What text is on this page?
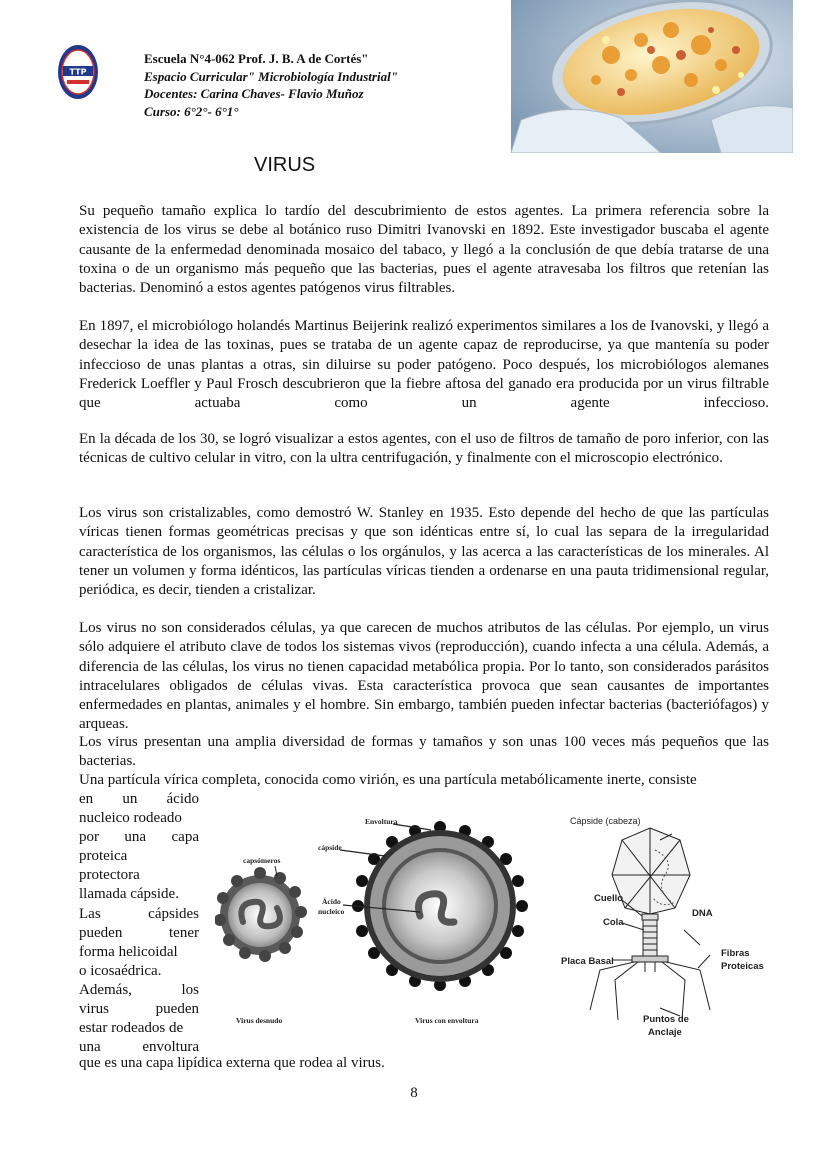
TTP
Escuela N°4-062 Prof. J. B. A de Cortés"
Espacio Curricular" Microbiología Industrial"
Docentes: Carina Chaves- Flavio Muñoz
Curso: 6°2°- 6°1°
VIRUS

Su pequeño tamaño explica lo tardío del descubrimiento de estos agentes. La primera referencia sobre la existencia de los virus se debe al botánico ruso Dimitri Ivanovski en 1892. Este investigador buscaba el agente causante de la enfermedad denominada mosaico del tabaco, y llegó a la conclusión de que debía tratarse de una toxina o de un organismo más pequeño que las bacterias, pues el agente atravesaba los filtros que retenían las bacterias. Denominó a estos agentes patógenos virus filtrables.

En 1897, el microbiólogo holandés Martinus Beijerink realizó experimentos similares a los de Ivanovski, y llegó a desechar la idea de las toxinas, pues se trataba de un agente capaz de reproducirse, ya que mantenía su poder infeccioso de unas plantas a otras, sin diluirse su poder patógeno. Poco después, los microbiólogos alemanes Frederick Loeffler y Paul Frosch descubrieron que la fiebre aftosa del ganado era producida por un virus filtrable que actuaba como un agente infeccioso.

En la década de los 30, se logró visualizar a estos agentes, con el uso de filtros de tamaño de poro inferior, con las técnicas de cultivo celular in vitro, con la ultra centrifugación, y finalmente con el microscopio electrónico.

Los virus son cristalizables, como demostró W. Stanley en 1935. Esto depende del hecho de que las partículas víricas tienen formas geométricas precisas y que son idénticas entre sí, lo cual las separa de la irregularidad característica de los organismos, las células o los orgánulos, y las acerca a las características de los minerales. Al tener un volumen y forma idénticos, las partículas víricas tienden a ordenarse en una pauta tridimensional regular, periódica, es decir, tienden a cristalizar.

Los virus no son considerados células, ya que carecen de muchos atributos de las células. Por ejemplo, un virus sólo adquiere el atributo clave de todos los sistemas vivos (reproducción), cuando infecta a una célula. Además, a diferencia de las células, los virus no tienen capacidad metabólica propia. Por lo tanto, son considerados parásitos intracelulares obligados de células vivas. Esta característica provoca que sean causantes de importantes enfermedades en plantas, animales y el hombre. Sin embargo, también pueden infectar bacterias (bacteriófagos) y arqueas.

Los virus presentan una amplia diversidad de formas y tamaños y son unas 100 veces más pequeños que las bacterias.

Una partícula vírica completa, conocida como virión, es una partícula metabólicamente inerte, consiste

en un ácido
nucleico rodeado
por una capa
proteica
protectora
llamada cápside.
Las cápsides
pueden tener
forma helicoidal
o icosaédrica.
Además, los
virus pueden
estar rodeados de
una envoltura
Envoltura
cápside
capsómeros
Ácido
nucleico
Virus desnudo	Virus con envoltura
Cápside (cabeza)
Cuello
DNA
Cola
Placa Basal
Fibras
Proteicas
Puntos de
Anclaje
que es una capa lipídica externa que rodea al virus.
8
